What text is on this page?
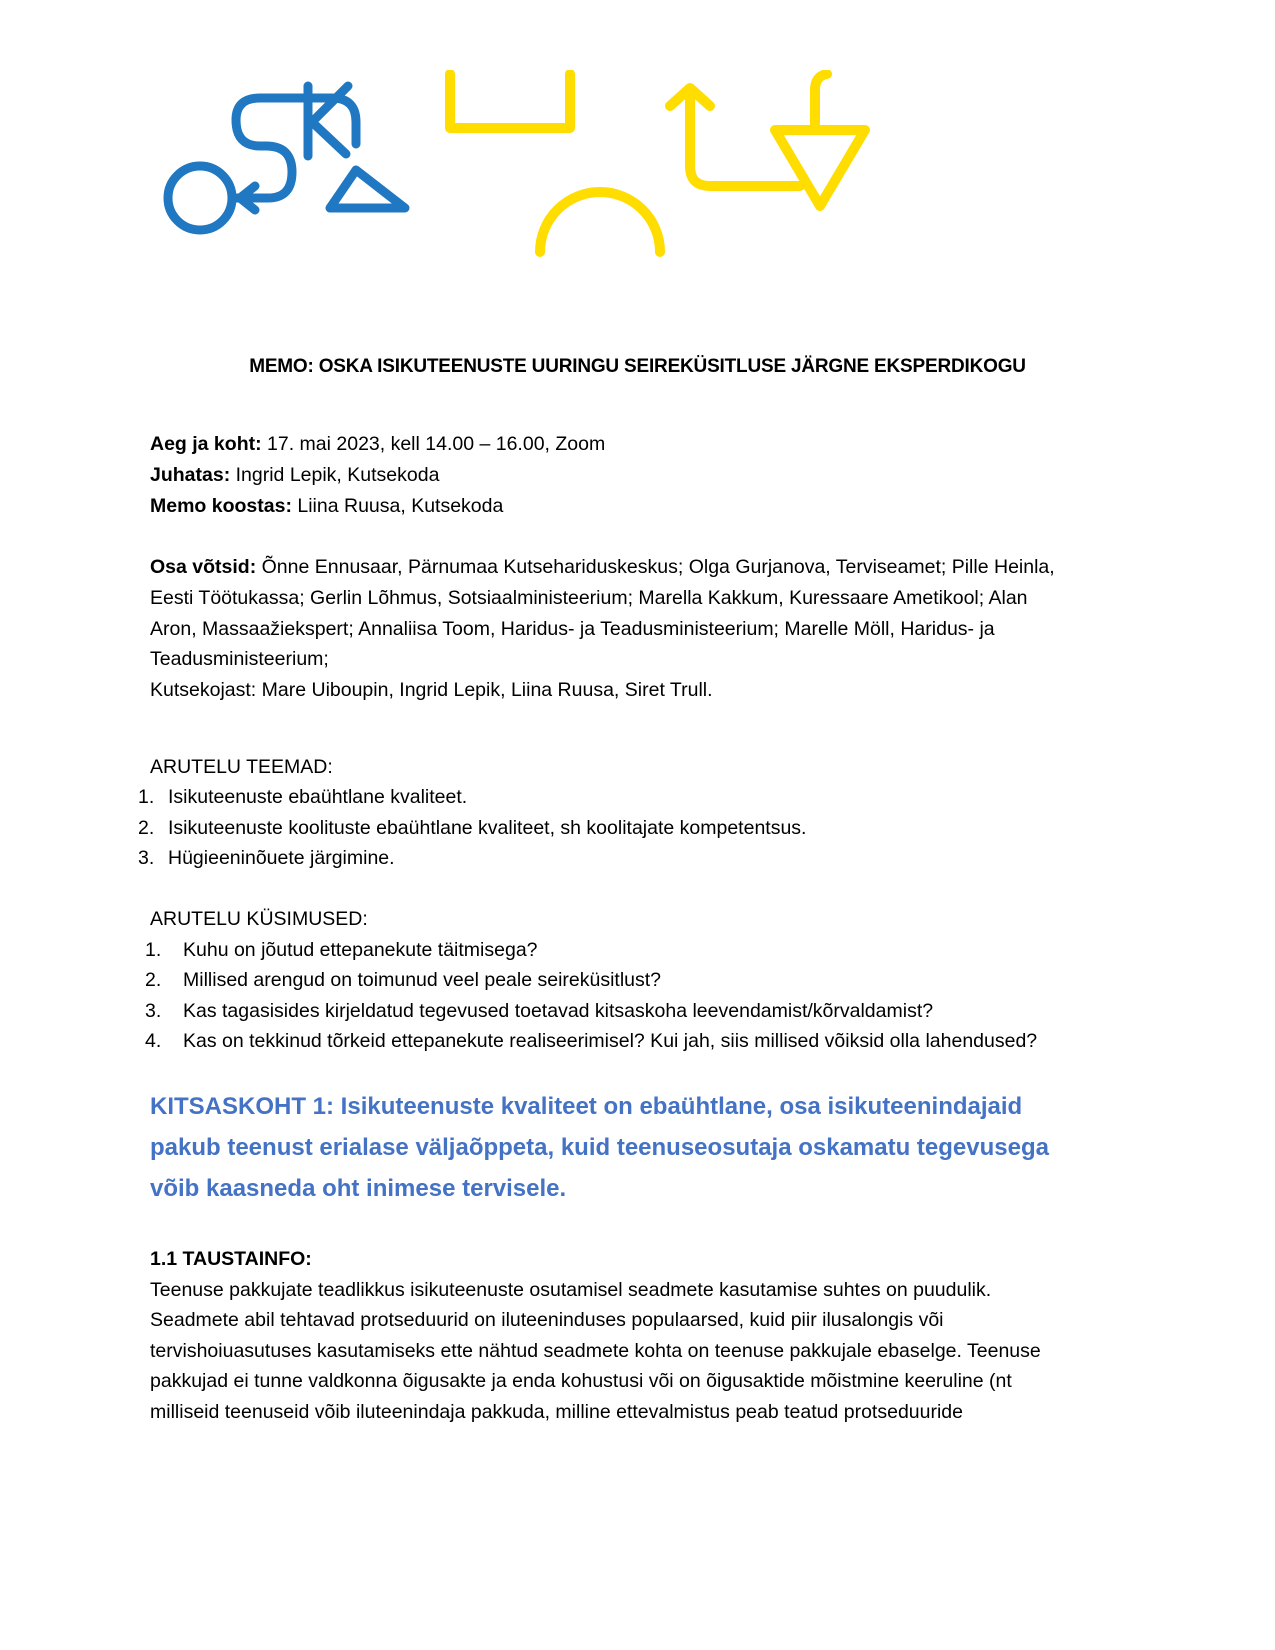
MEMO: OSKA ISIKUTEENUSTE UURINGU SEIREKÜSITLUSE JÄRGNE EKSPERDIKOGU
Aeg ja koht: 17. mai 2023, kell 14.00 – 16.00, Zoom
Juhatas: Ingrid Lepik, Kutsekoda
Memo koostas: Liina Ruusa, Kutsekoda
Osa võtsid: Õnne Ennusaar, Pärnumaa Kutsehariduskeskus; Olga Gurjanova, Terviseamet; Pille Heinla,
Eesti Töötukassa; Gerlin Lõhmus, Sotsiaalministeerium; Marella Kakkum, Kuressaare Ametikool; Alan
Aron, Massaažiekspert; Annaliisa Toom, Haridus- ja Teadusministeerium; Marelle Möll, Haridus- ja
Teadusministeerium;
Kutsekojast: Mare Uiboupin, Ingrid Lepik, Liina Ruusa, Siret Trull.
ARUTELU TEEMAD:
1. Isikuteenuste ebaühtlane kvaliteet.
2. Isikuteenuste koolituste ebaühtlane kvaliteet, sh koolitajate kompetentsus.
3. Hügieeninõuete järgimine.
ARUTELU KÜSIMUSED:
1. Kuhu on jõutud ettepanekute täitmisega?
2. Millised arengud on toimunud veel peale seireküsitlust?
3. Kas tagasisides kirjeldatud tegevused toetavad kitsaskoha leevendamist/kõrvaldamist?
4. Kas on tekkinud tõrkeid ettepanekute realiseerimisel? Kui jah, siis millised võiksid olla lahendused?
KITSASKOHT 1: Isikuteenuste kvaliteet on ebaühtlane, osa isikuteenindajaid
pakub teenust erialase väljaõppeta, kuid teenuseosutaja oskamatu tegevusega
võib kaasneda oht inimese tervisele.
1.1 TAUSTAINFO:
Teenuse pakkujate teadlikkus isikuteenuste osutamisel seadmete kasutamise suhtes on puudulik.
Seadmete abil tehtavad protseduurid on iluteeninduses populaarsed, kuid piir ilusalongis või
tervishoiuasutuses kasutamiseks ette nähtud seadmete kohta on teenuse pakkujale ebaselge. Teenuse
pakkujad ei tunne valdkonna õigusakte ja enda kohustusi või on õigusaktide mõistmine keeruline (nt
milliseid teenuseid võib iluteenindaja pakkuda, milline ettevalmistus peab teatud protseduuride
